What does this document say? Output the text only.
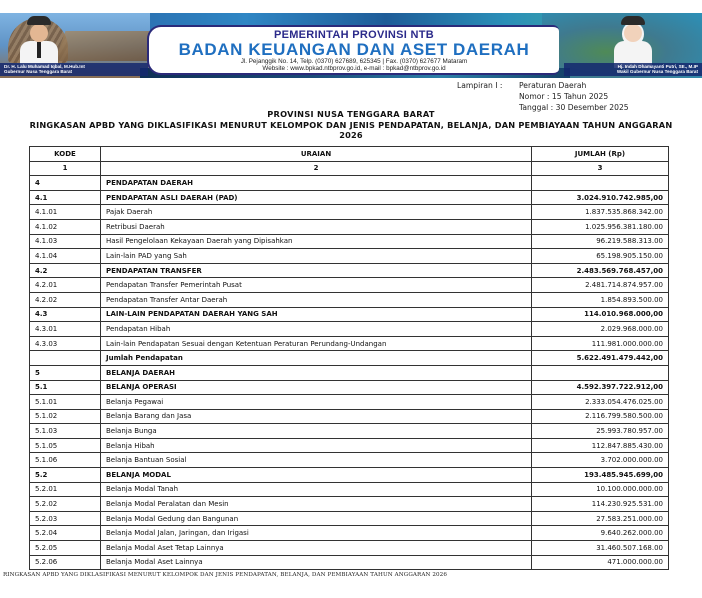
Dr. H. Lalu Muhamad Iqbal, M.Hub.Int
Gubernur Nusa Tenggara Barat
Hj. Indah Dhamayanti Putri, SE., M.IP
Wakil Gubernur Nusa Tenggara Barat
PEMERINTAH PROVINSI NTB
BADAN KEUANGAN DAN ASET DAERAH
Jl. Pejanggik No. 14, Telp. (0370) 627689, 625345 | Fax. (0370) 627677 Mataram
Website : www.bpkad.ntbprov.go.id, e-mail : bpkad@ntbprov.go.id
Lampiran I :	Peraturan Daerah
Nomor : 15 Tahun 2025
Tanggal : 30 Desember 2025
PROVINSI NUSA TENGGARA BARAT
RINGKASAN APBD YANG DIKLASIFIKASI MENURUT KELOMPOK DAN JENIS PENDAPATAN, BELANJA, DAN PEMBIAYAAN TAHUN ANGGARAN 2026
KODE	URAIAN	JUMLAH (Rp)
1	2	3
4	PENDAPATAN DAERAH	
4.1	PENDAPATAN ASLI DAERAH (PAD)	3.024.910.742.985,00
4.1.01	Pajak Daerah	1.837.535.868.342.00
4.1.02	Retribusi Daerah	1.025.956.381.180.00
4.1.03	Hasil Pengelolaan Kekayaan Daerah yang Dipisahkan	96.219.588.313.00
4.1.04	Lain-lain PAD yang Sah	65.198.905.150.00
4.2	PENDAPATAN TRANSFER	2.483.569.768.457,00
4.2.01	Pendapatan Transfer Pemerintah Pusat	2.481.714.874.957.00
4.2.02	Pendapatan Transfer Antar Daerah	1.854.893.500.00
4.3	LAIN-LAIN PENDAPATAN DAERAH YANG SAH	114.010.968.000,00
4.3.01	Pendapatan Hibah	2.029.968.000.00
4.3.03	Lain-lain Pendapatan Sesuai dengan Ketentuan Peraturan Perundang-Undangan	111.981.000.000.00
	Jumlah Pendapatan	5.622.491.479.442,00
5	BELANJA DAERAH	
5.1	BELANJA OPERASI	4.592.397.722.912,00
5.1.01	Belanja Pegawai	2.333.054.476.025.00
5.1.02	Belanja Barang dan Jasa	2.116.799.580.500.00
5.1.03	Belanja Bunga	25.993.780.957.00
5.1.05	Belanja Hibah	112.847.885.430.00
5.1.06	Belanja Bantuan Sosial	3.702.000.000.00
5.2	BELANJA MODAL	193.485.945.699,00
5.2.01	Belanja Modal Tanah	10.100.000.000.00
5.2.02	Belanja Modal Peralatan dan Mesin	114.230.925.531.00
5.2.03	Belanja Modal Gedung dan Bangunan	27.583.251.000.00
5.2.04	Belanja Modal Jalan, Jaringan, dan Irigasi	9.640.262.000.00
5.2.05	Belanja Modal Aset Tetap Lainnya	31.460.507.168.00
5.2.06	Belanja Modal Aset Lainnya	471.000.000.00
RINGKASAN APBD YANG DIKLASIFIKASI MENURUT KELOMPOK DAN JENIS PENDAPATAN, BELANJA, DAN PEMBIAYAAN TAHUN ANGGARAN 2026
